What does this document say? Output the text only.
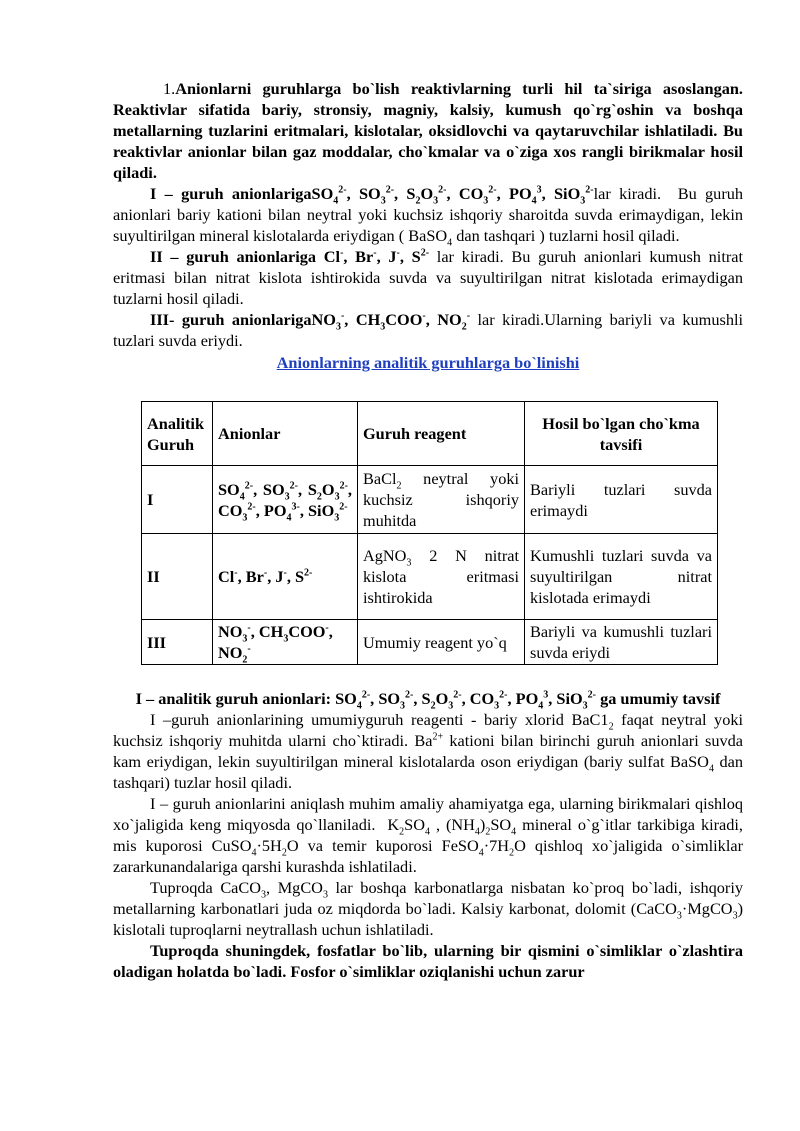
1.Anionlarni guruhlarga bo`lish reaktivlarning turli hil ta`siriga asoslangan. Reaktivlar sifatida bariy, stronsiy, magniy, kalsiy, kumush qo`rg`oshin va boshqa metallarning tuzlarini eritmalari, kislotalar, oksidlovchi va qaytaruvchilar ishlatiladi. Bu reaktivlar anionlar bilan gaz moddalar, cho`kmalar va o`ziga xos rangli birikmalar hosil qiladi.

I – guruh anionlarigaSO$_4^{2-}$, $SO_3^{2-}$, $S_2O_3^{2-}$, $CO_3^{2-}$, $PO_4^3$, SiO$_3^{2-}$lar kiradi. Bu guruh anionlari bariy kationi bilan neytral yoki kuchsiz ishqoriy sharoitda suvda erimaydigan, lekin suyultirilgan mineral kislotalarda eriydigan ( BaSO$_4$ dan tashqari ) tuzlarni hosil qiladi.

II – guruh anionlariga Cl-, Br-, J-, $S^{2-}$ lar kiradi. Bu guruh anionlari kumush nitrat eritmasi bilan nitrat kislota ishtirokida suvda va suyultirilgan nitrat kislotada erimaydigan tuzlarni hosil qiladi.

III- guruh anionlarigaNO$_3$-, $CH_3COO^-$, $NO_2^-$ lar kiradi.Ularning bariyli va kumushli tuzlari suvda eriydi.

Anionlarning analitik guruhlarga bo`linishi

Analitik Guruh	Anionlar	Guruh reagent	Hosil bo`lgan cho`kma tavsifi
I	$SO_4^{2-}$, $SO_3^{2-}$, $S_2O_3^{2-}$, $CO_3^{2-}$, $PO_4^{3-}$, SiO$_3^{2-}$	BaCl$_2$ neytral yoki kuchsiz ishqoriy muhitda	Bariyli tuzlari suvda erimaydi
II	Cl-, Br-, J-, $S^{2-}$	AgNO$_3$ 2 N nitrat kislota eritmasi ishtirokida	Kumushli tuzlari suvda va suyultirilgan nitrat kislotada erimaydi
III	$NO_3^-$, $CH_3COO^-$, $NO_2^-$	Umumiy reagent yo`q	Bariyli va kumushli tuzlari suvda eriydi

I – analitik guruh anionlari: $SO_4^{2-}$, $SO_3^{2-}$, $S_2O_3^{2-}$, $CO_3^{2-}$, $PO_4^3$, SiO$_3^{2-}$ ga umumiy tavsif

I –guruh anionlarining umumiyguruh reagenti - bariy xlorid $BaC1_2$ faqat neytral yoki kuchsiz ishqoriy muhitda ularni cho`ktiradi. $Ba^{2+}$ kationi bilan birinchi guruh anionlari suvda kam eriydigan, lekin suyultirilgan mineral kislotalarda oson eriydigan (bariy sulfat BaSO$_4$ dan tashqari) tuzlar hosil qiladi.

I – guruh anionlarini aniqlash muhim amaliy ahamiyatga ega, ularning birikmalari qishloq xo`jaligida keng miqyosda qo`llaniladi.  $K_2SO_4$ , $(NH_4)_2SO_4$ mineral o`g`itlar tarkibiga kiradi, mis kuporosi $CuSO_4\cdot 5H_2O$ va temir kuporosi $FeSO_4\cdot 7H_2O$ qishloq xo`jaligida o`simliklar zararkunandalariga qarshi kurashda ishlatiladi.

Tuproqda CaCO$_3$, MgCO$_3$ lar boshqa karbonatlarga nisbatan ko`proq bo`ladi, ishqoriy metallarning karbonatlari juda oz miqdorda bo`ladi. Kalsiy karbonat, dolomit (CaCO$_3$·MgCO$_3$) kislotali tuproqlarni neytrallash uchun ishlatiladi.

Tuproqda shuningdek, fosfatlar bo`lib, ularning bir qismini o`simliklar o`zlashtira oladigan holatda bo`ladi. Fosfor o`simliklar oziqlanishi uchun zarur
